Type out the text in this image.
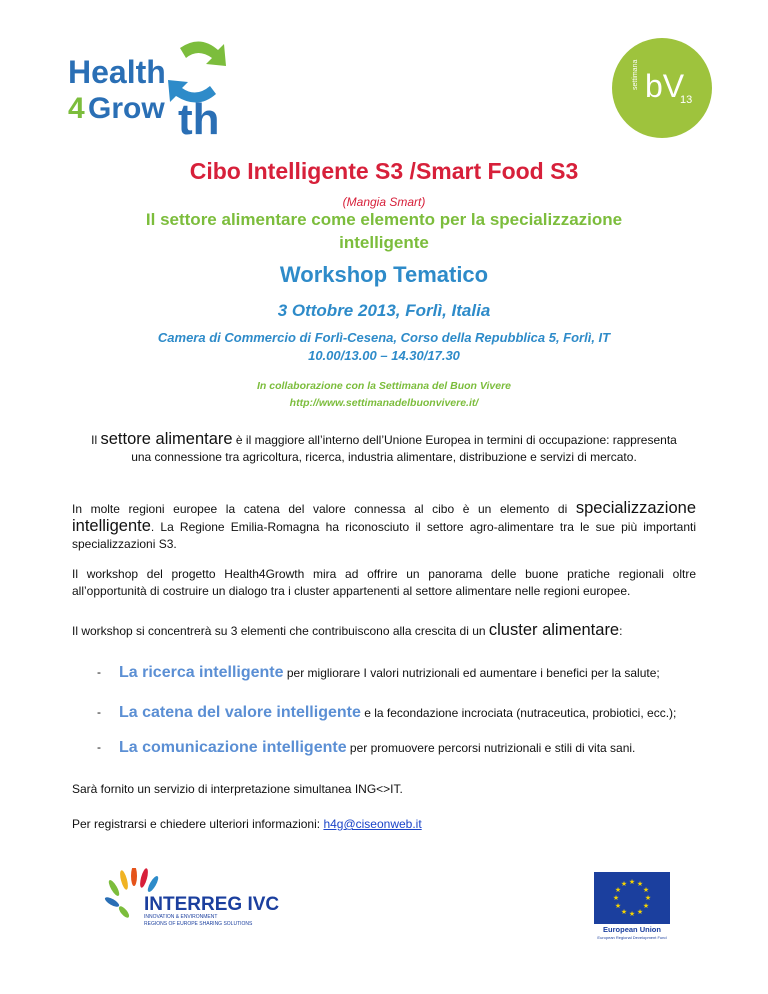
Health
4 Grow th
settimana bV
13
Cibo Intelligente S3 /Smart Food S3
(Mangia Smart)
Il settore alimentare come elemento per la specializzazione
intelligente
Workshop Tematico
3 Ottobre 2013, Forlì, Italia
Camera di Commercio di Forlì-Cesena, Corso della Repubblica 5, Forlì, IT
10.00/13.00 – 14.30/17.30
In collaborazione con la Settimana del Buon Vivere
http://www.settimanadelbuonvivere.it/
Il settore alimentare è il maggiore all’interno dell’Unione Europea in termini di occupazione: rappresenta una connessione tra agricoltura, ricerca, industria alimentare, distribuzione e servizi di mercato.
In molte regioni europee la catena del valore connessa al cibo è un elemento di specializzazione intelligente. La Regione Emilia-Romagna ha riconosciuto il settore agro-alimentare tra le sue più importanti specializzazioni S3.
Il workshop del progetto Health4Growth mira ad offrire un panorama delle buone pratiche regionali oltre all’opportunità di costruire un dialogo tra i cluster appartenenti al settore alimentare nelle regioni europee.
Il workshop si concentrerà su 3 elementi che contribuiscono alla crescita di un cluster alimentare:
- La ricerca intelligente per migliorare I valori nutrizionali ed aumentare i benefici per la salute;
- La catena del valore intelligente e la fecondazione incrociata (nutraceutica, probiotici, ecc.);
- La comunicazione intelligente per promuovere percorsi nutrizionali e stili di vita sani.
Sarà fornito un servizio di interpretazione simultanea ING<>IT.
Per registrarsi e chiedere ulteriori informazioni: h4g@ciseonweb.it
INTERREG IVC
INNOVATION & ENVIRONMENT
REGIONS OF EUROPE SHARING SOLUTIONS
★ ★
★
★
★
★
★
★
★
★
★
★
European Union
European Regional Development Fund
